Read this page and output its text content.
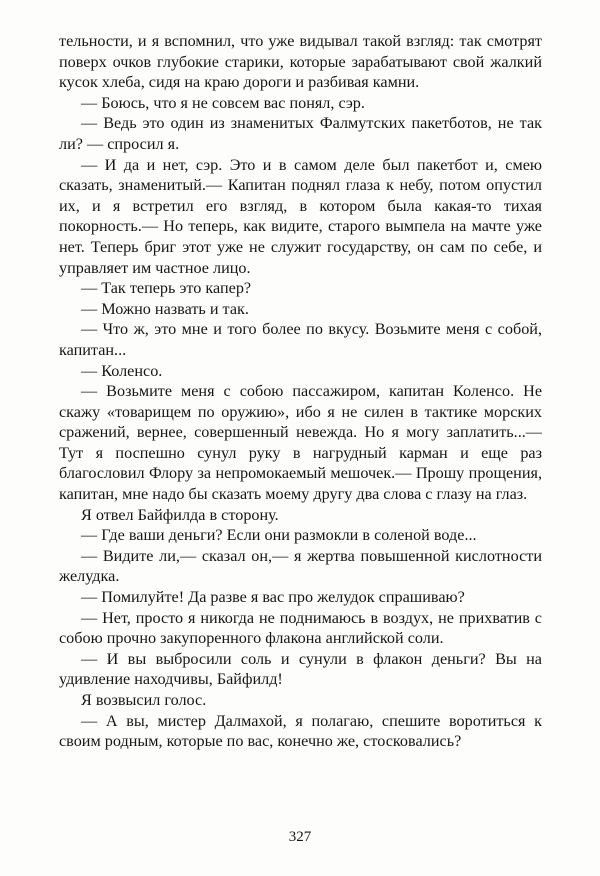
тельности, и я вспомнил, что уже видывал такой взгляд: так смотрят поверх очков глубокие старики, которые зарабатывают свой жалкий кусок хлеба, сидя на краю дороги и разбивая камни.

— Боюсь, что я не совсем вас понял, сэр.

— Ведь это один из знаменитых Фалмутских пакетботов, не так ли? — спросил я.

— И да и нет, сэр. Это и в самом деле был пакетбот и, смею сказать, знаменитый.— Капитан поднял глаза к небу, потом опустил их, и я встретил его взгляд, в котором была какая-то тихая покорность.— Но теперь, как видите, старого вымпела на мачте уже нет. Теперь бриг этот уже не служит государству, он сам по себе, и управляет им частное лицо.

— Так теперь это капер?

— Можно назвать и так.

— Что ж, это мне и того более по вкусу. Возьмите меня с собой, капитан...

— Коленсо.

— Возьмите меня с собою пассажиром, капитан Коленсо. Не скажу «товарищем по оружию», ибо я не силен в тактике морских сражений, вернее, совершенный невежда. Но я могу заплатить...— Тут я поспешно сунул руку в нагрудный карман и еще раз благословил Флору за непромокаемый мешочек.— Прошу прощения, капитан, мне надо бы сказать моему другу два слова с глазу на глаз.

Я отвел Байфилда в сторону.

— Где ваши деньги? Если они размокли в соленой воде...

— Видите ли,— сказал он,— я жертва повышенной кислотности желудка.

— Помилуйте! Да разве я вас про желудок спрашиваю?

— Нет, просто я никогда не поднимаюсь в воздух, не прихватив с собою прочно закупоренного флакона английской соли.

— И вы выбросили соль и сунули в флакон деньги? Вы на удивление находчивы, Байфилд!

Я возвысил голос.

— А вы, мистер Далмахой, я полагаю, спешите воротиться к своим родным, которые по вас, конечно же, стосковались?

327
